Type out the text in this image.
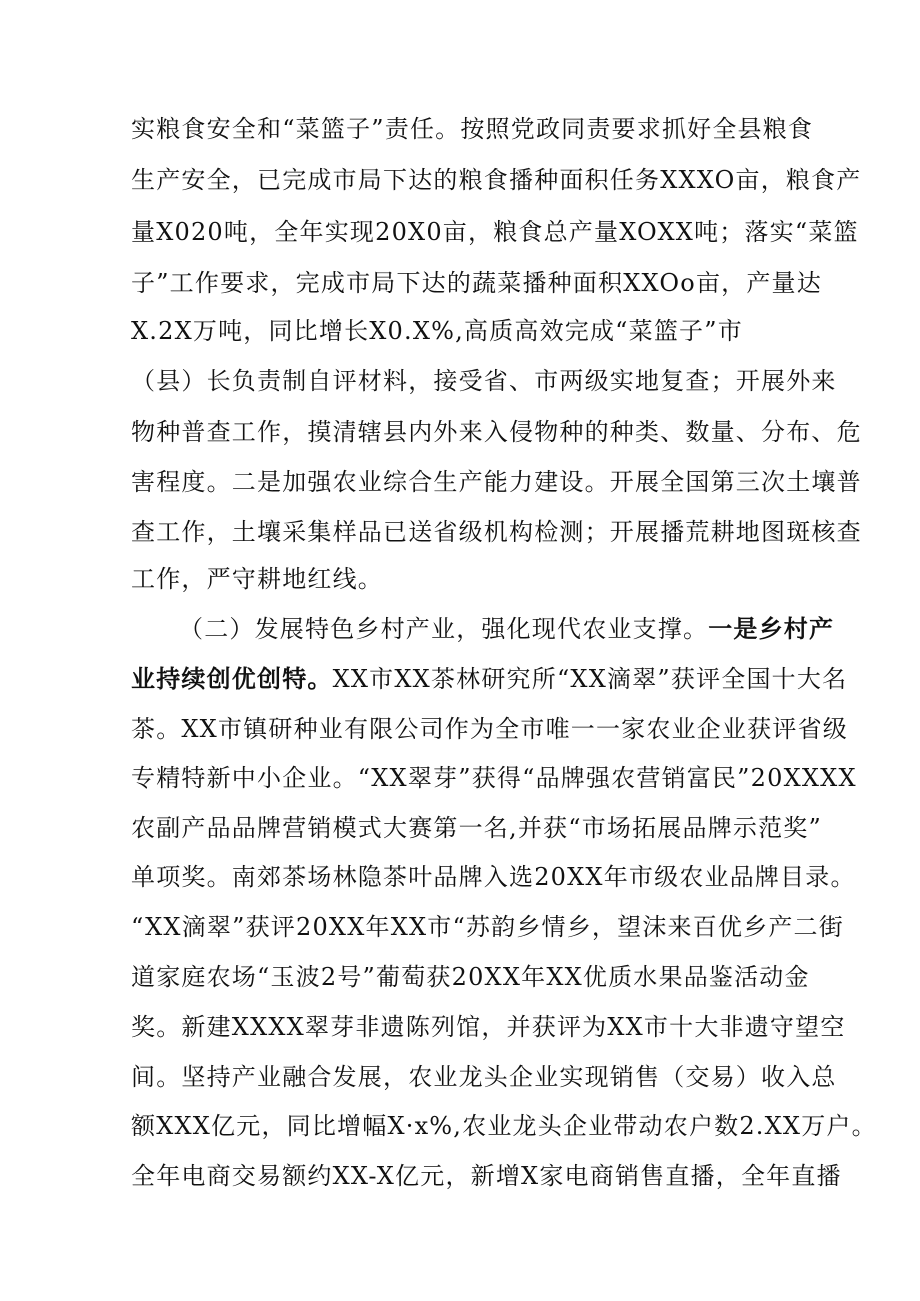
实粮食安全和“菜篮子”责任。按照党政同责要求抓好全县粮食
生产安全，已完成市局下达的粮食播种面积任务XXXO亩，粮食产
量X020吨，全年实现20X0亩，粮食总产量XOXX吨；落实“菜篮
子”工作要求，完成市局下达的蔬菜播种面积XXOo亩，产量达
X.2X万吨，同比增长X0.X%,高质高效完成“菜篮子”市
（县）长负责制自评材料，接受省、市两级实地复查；开展外来
物种普查工作，摸清辖县内外来入侵物种的种类、数量、分布、危
害程度。二是加强农业综合生产能力建设。开展全国第三次土壤普
查工作，土壤采集样品已送省级机构检测；开展播荒耕地图斑核查
工作，严守耕地红线。
（二）发展特色乡村产业，强化现代农业支撑。一是乡村产
业持续创优创特。XX市XX茶林研究所“XX滴翠”获评全国十大名
茶。XX市镇研种业有限公司作为全市唯一一家农业企业获评省级
专精特新中小企业。“XX翠芽”获得“品牌强农营销富民”20XXXX
农副产品品牌营销模式大赛第一名,并获“市场拓展品牌示范奖”
单项奖。南郊茶场林隐茶叶品牌入选20XX年市级农业品牌目录。
“XX滴翠”获评20XX年XX市“苏韵乡情乡，望沫来百优乡产二街
道家庭农场“玉波2号”葡萄获20XX年XX优质水果品鉴活动金
奖。新建XXXX翠芽非遗陈列馆，并获评为XX市十大非遗守望空
间。坚持产业融合发展，农业龙头企业实现销售（交易）收入总
额XXX亿元，同比增幅X·x%,农业龙头企业带动农户数2.XX万户。
全年电商交易额约XX-X亿元，新增X家电商销售直播，全年直播
